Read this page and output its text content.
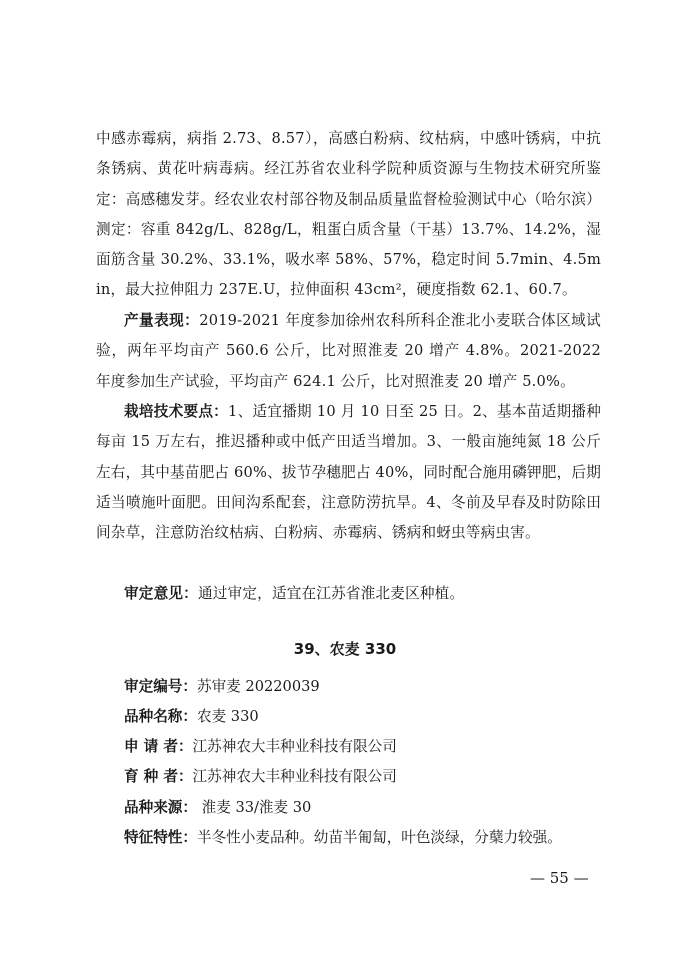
中感赤霉病，病指 2.73、8.57），高感白粉病、纹枯病，中感叶锈病，中抗条锈病、黄花叶病毒病。经江苏省农业科学院种质资源与生物技术研究所鉴定：高感穗发芽。经农业农村部谷物及制品质量监督检验测试中心（哈尔滨）测定：容重 842g/L、828g/L，粗蛋白质含量（干基）13.7%、14.2%，湿面筋含量 30.2%、33.1%，吸水率 58%、57%，稳定时间 5.7min、4.5min，最大拉伸阻力 237E.U，拉伸面积 43cm²，硬度指数 62.1、60.7。
产量表现：2019-2021 年度参加徐州农科所科企淮北小麦联合体区域试验，两年平均亩产 560.6 公斤，比对照淮麦 20 增产 4.8%。2021-2022 年度参加生产试验，平均亩产 624.1 公斤，比对照淮麦 20 增产 5.0%。
栽培技术要点：1、适宜播期 10 月 10 日至 25 日。2、基本苗适期播种每亩 15 万左右，推迟播种或中低产田适当增加。3、一般亩施纯氮 18 公斤左右，其中基苗肥占 60%、拔节孕穗肥占 40%，同时配合施用磷钾肥，后期适当喷施叶面肥。田间沟系配套，注意防涝抗旱。4、冬前及早春及时防除田间杂草，注意防治纹枯病、白粉病、赤霉病、锈病和蚜虫等病虫害。
审定意见：通过审定，适宜在江苏省淮北麦区种植。
39、农麦 330
审定编号：苏审麦 20220039
品种名称：农麦 330
申 请 者：江苏神农大丰种业科技有限公司
育 种 者：江苏神农大丰种业科技有限公司
品种来源： 淮麦 33/淮麦 30
特征特性：半冬性小麦品种。幼苗半匍匐，叶色淡绿，分蘖力较强。
— 55 —
